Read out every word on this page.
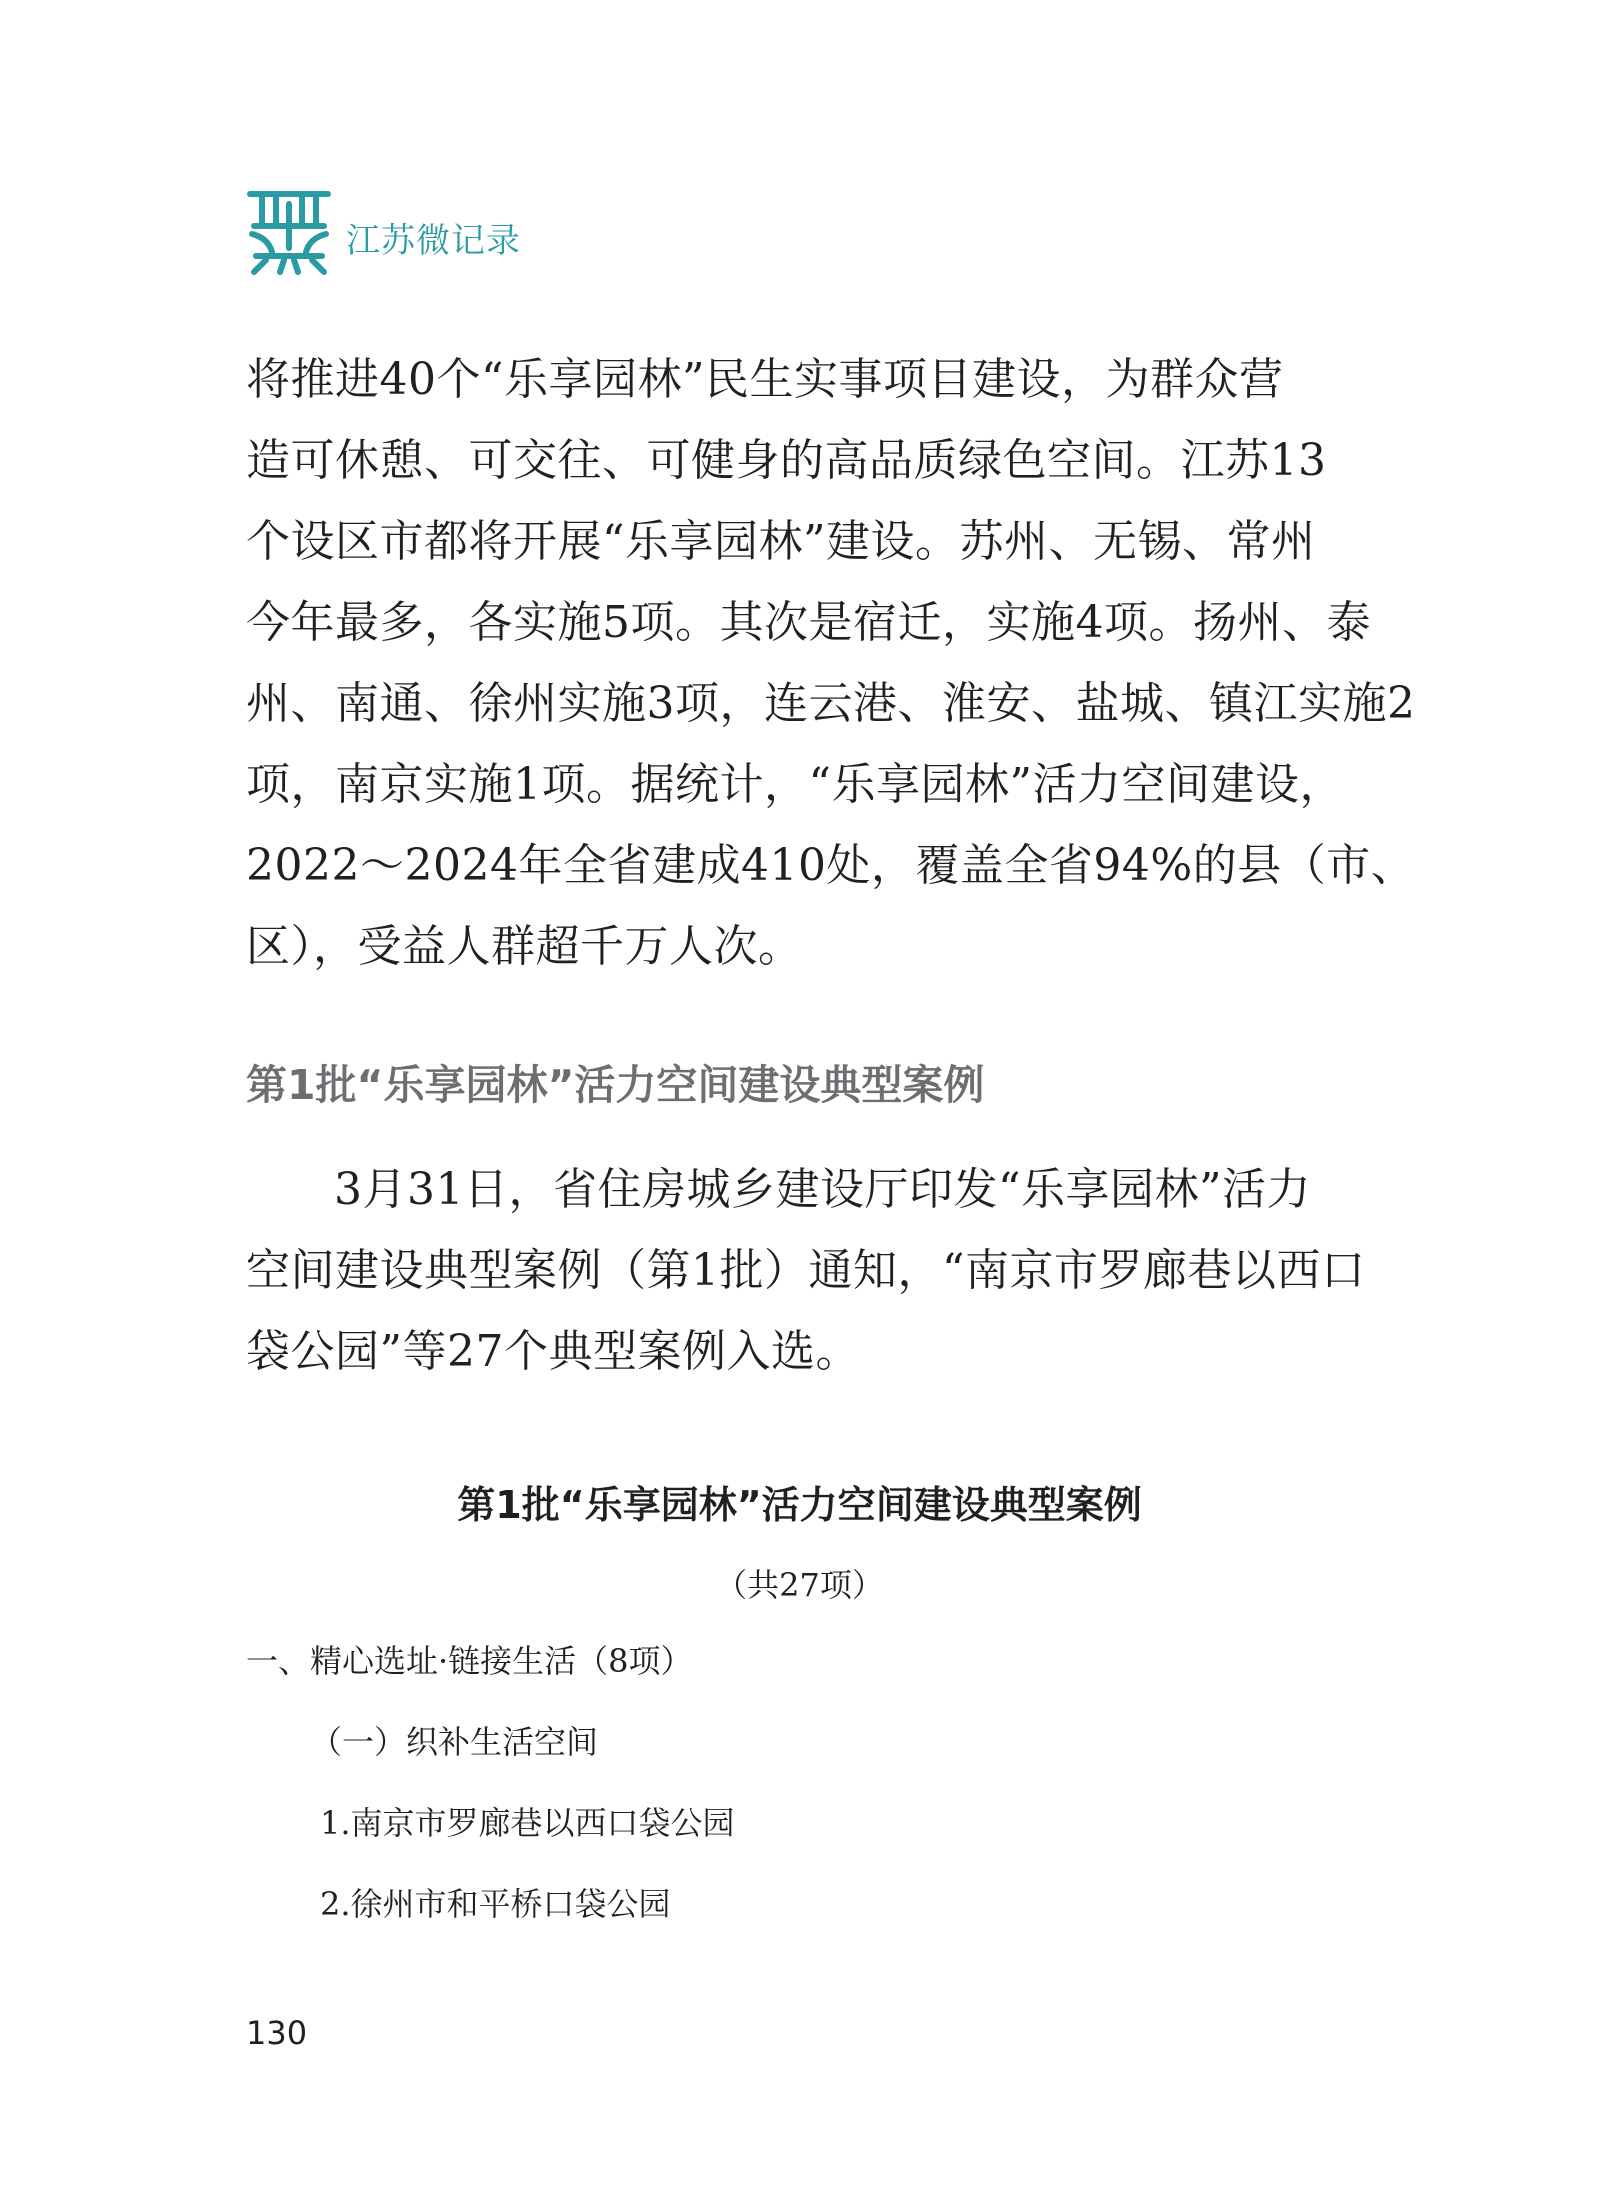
江苏微记录
将推进40个“乐享园林”民生实事项目建设，为群众营
造可休憩、可交往、可健身的高品质绿色空间。江苏13
个设区市都将开展“乐享园林”建设。苏州、无锡、常州
今年最多，各实施5项。其次是宿迁，实施4项。扬州、泰
州、南通、徐州实施3项，连云港、淮安、盐城、镇江实施2
项，南京实施1项。据统计，“乐享园林”活力空间建设，
2022～2024年全省建成410处，覆盖全省94%的县（市、
区），受益人群超千万人次。
第1批“乐享园林”活力空间建设典型案例
3月31日，省住房城乡建设厅印发“乐享园林”活力
空间建设典型案例（第1批）通知，“南京市罗廊巷以西口
袋公园”等27个典型案例入选。
第1批“乐享园林”活力空间建设典型案例
（共27项）
一、精心选址·链接生活（8项）
（一）织补生活空间
1.南京市罗廊巷以西口袋公园
2.徐州市和平桥口袋公园
130
